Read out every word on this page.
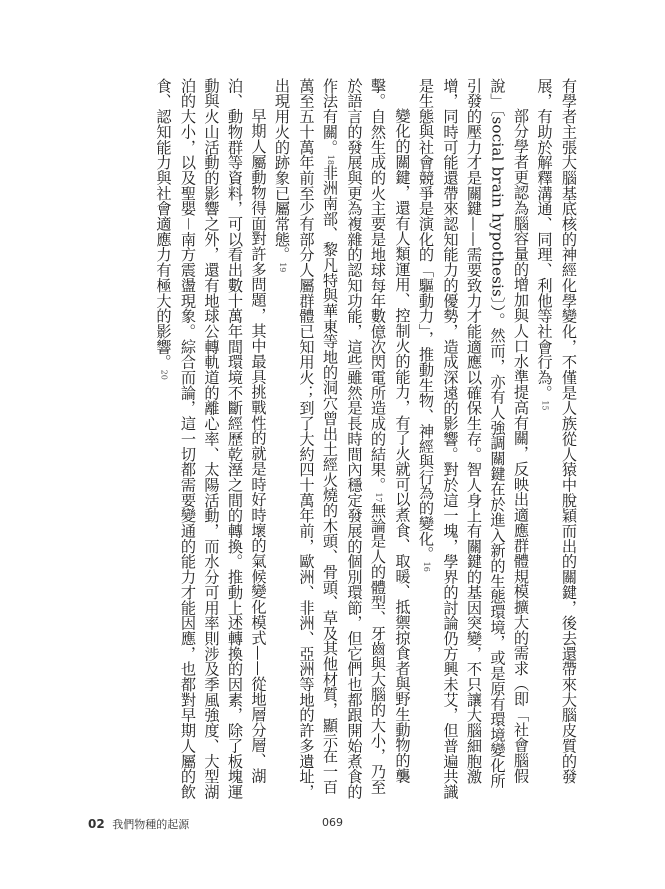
有學者主張大腦基底核的神經化學變化，不僅是人族從人猿中脫穎而出的關鍵，後去還帶來大腦皮質的發展，有助於解釋溝通、同理、利他等社會行為。15

部分學者更認為腦容量的增加與人口水準提高有關，反映出適應群體規模擴大的需求（即「社會腦假說」〔social brain hypothesis〕）。然而，亦有人強調關鍵在於進入新的生態環境，或是原有環境變化所引發的壓力才是關鍵——需要致力才能適應以確保生存。智人身上有關鍵的基因突變，不只讓大腦細胞激增，同時可能還帶來認知能力的優勢，造成深遠的影響。對於這一塊，學界的討論仍方興未艾，但普遍共識是生態與社會競爭是演化的「驅動力」，推動生物、神經與行為的變化。16

變化的關鍵，還有人類運用、控制火的能力，有了火就可以煮食、取暖、抵禦掠食者與野生動物的襲擊。自然生成的火主要是地球每年數億次閃電所造成的結果。17無論是人的體型、牙齒與大腦的大小，乃至於語言的發展與更為複雜的認知功能，這些雖然是長時間內穩定發展的個別環節，但它們也都跟開始煮食的作法有關。18非洲南部、黎凡特與華東等地的洞穴曾出土經火燒的木頭、骨頭、草及其他材質，顯示在一百萬至五十萬年前至少有部分人屬群體已知用火；到了大約四十萬年前，歐洲、非洲、亞洲等地的許多遺址，出現用火的跡象已屬常態。19

早期人屬動物得面對許多問題，其中最具挑戰性的就是時好時壞的氣候變化模式——從地層分層、湖泊、動物群等資料，可以看出數十萬年間環境不斷經歷乾溼之間的轉換。推動上述轉換的因素，除了板塊運動與火山活動的影響之外，還有地球公轉軌道的離心率、太陽活動，而水分可用率則涉及季風強度、大型湖泊的大小，以及聖嬰－南方震盪現象。綜合而論，這一切都需要變通的能力才能因應，也都對早期人屬的飲食、認知能力與社會適應力有極大的影響。20

02 我們物種的起源	069
